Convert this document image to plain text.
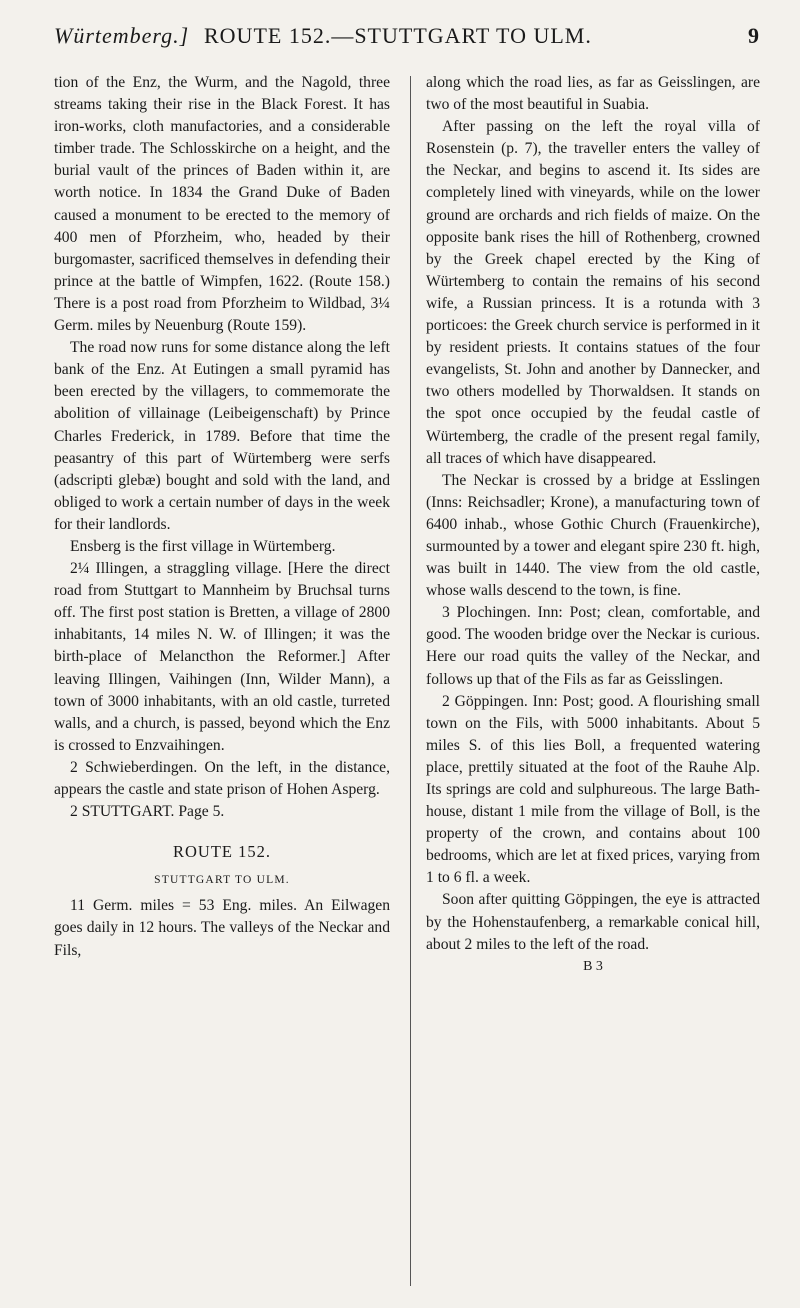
Würtemberg.] ROUTE 152.—STUTTGART TO ULM.	9

tion of the Enz, the Wurm, and the Nagold, three streams taking their rise in the Black Forest. It has iron-works, cloth manufactories, and a considerable timber trade. The Schlosskirche on a height, and the burial vault of the princes of Baden within it, are worth notice. In 1834 the Grand Duke of Baden caused a monument to be erected to the memory of 400 men of Pforzheim, who, headed by their burgomaster, sacrificed themselves in defending their prince at the battle of Wimpfen, 1622. (Route 158.) There is a post road from Pforzheim to Wildbad, 3¼ Germ. miles by Neuenburg (Route 159).

The road now runs for some distance along the left bank of the Enz. At Eutingen a small pyramid has been erected by the villagers, to commemorate the abolition of villainage (Leibeigenschaft) by Prince Charles Frederick, in 1789. Before that time the peasantry of this part of Würtemberg were serfs (adscripti glebæ) bought and sold with the land, and obliged to work a certain number of days in the week for their landlords.

Ensberg is the first village in Würtemberg.

2¼ Illingen, a straggling village. [Here the direct road from Stuttgart to Mannheim by Bruchsal turns off. The first post station is Bretten, a village of 2800 inhabitants, 14 miles N. W. of Illingen; it was the birth-place of Melancthon the Reformer.] After leaving Illingen, Vaihingen (Inn, Wilder Mann), a town of 3000 inhabitants, with an old castle, turreted walls, and a church, is passed, beyond which the Enz is crossed to Enzvaihingen.

2 Schwieberdingen. On the left, in the distance, appears the castle and state prison of Hohen Asperg.

2 STUTTGART. Page 5.

ROUTE 152.

STUTTGART TO ULM.

11 Germ. miles = 53 Eng. miles. An Eilwagen goes daily in 12 hours. The valleys of the Neckar and Fils,

along which the road lies, as far as Geisslingen, are two of the most beautiful in Suabia.

After passing on the left the royal villa of Rosenstein (p. 7), the traveller enters the valley of the Neckar, and begins to ascend it. Its sides are completely lined with vineyards, while on the lower ground are orchards and rich fields of maize. On the opposite bank rises the hill of Rothenberg, crowned by the Greek chapel erected by the King of Würtemberg to contain the remains of his second wife, a Russian princess. It is a rotunda with 3 porticoes: the Greek church service is performed in it by resident priests. It contains statues of the four evangelists, St. John and another by Dannecker, and two others modelled by Thorwaldsen. It stands on the spot once occupied by the feudal castle of Würtemberg, the cradle of the present regal family, all traces of which have disappeared.

The Neckar is crossed by a bridge at Esslingen (Inns: Reichsadler; Krone), a manufacturing town of 6400 inhab., whose Gothic Church (Frauenkirche), surmounted by a tower and elegant spire 230 ft. high, was built in 1440. The view from the old castle, whose walls descend to the town, is fine.

3 Plochingen. Inn: Post; clean, comfortable, and good. The wooden bridge over the Neckar is curious. Here our road quits the valley of the Neckar, and follows up that of the Fils as far as Geisslingen.

2 Göppingen. Inn: Post; good. A flourishing small town on the Fils, with 5000 inhabitants. About 5 miles S. of this lies Boll, a frequented watering place, prettily situated at the foot of the Rauhe Alp. Its springs are cold and sulphureous. The large Bath-house, distant 1 mile from the village of Boll, is the property of the crown, and contains about 100 bedrooms, which are let at fixed prices, varying from 1 to 6 fl. a week.

Soon after quitting Göppingen, the eye is attracted by the Hohenstaufenberg, a remarkable conical hill, about 2 miles to the left of the road.

B 3
